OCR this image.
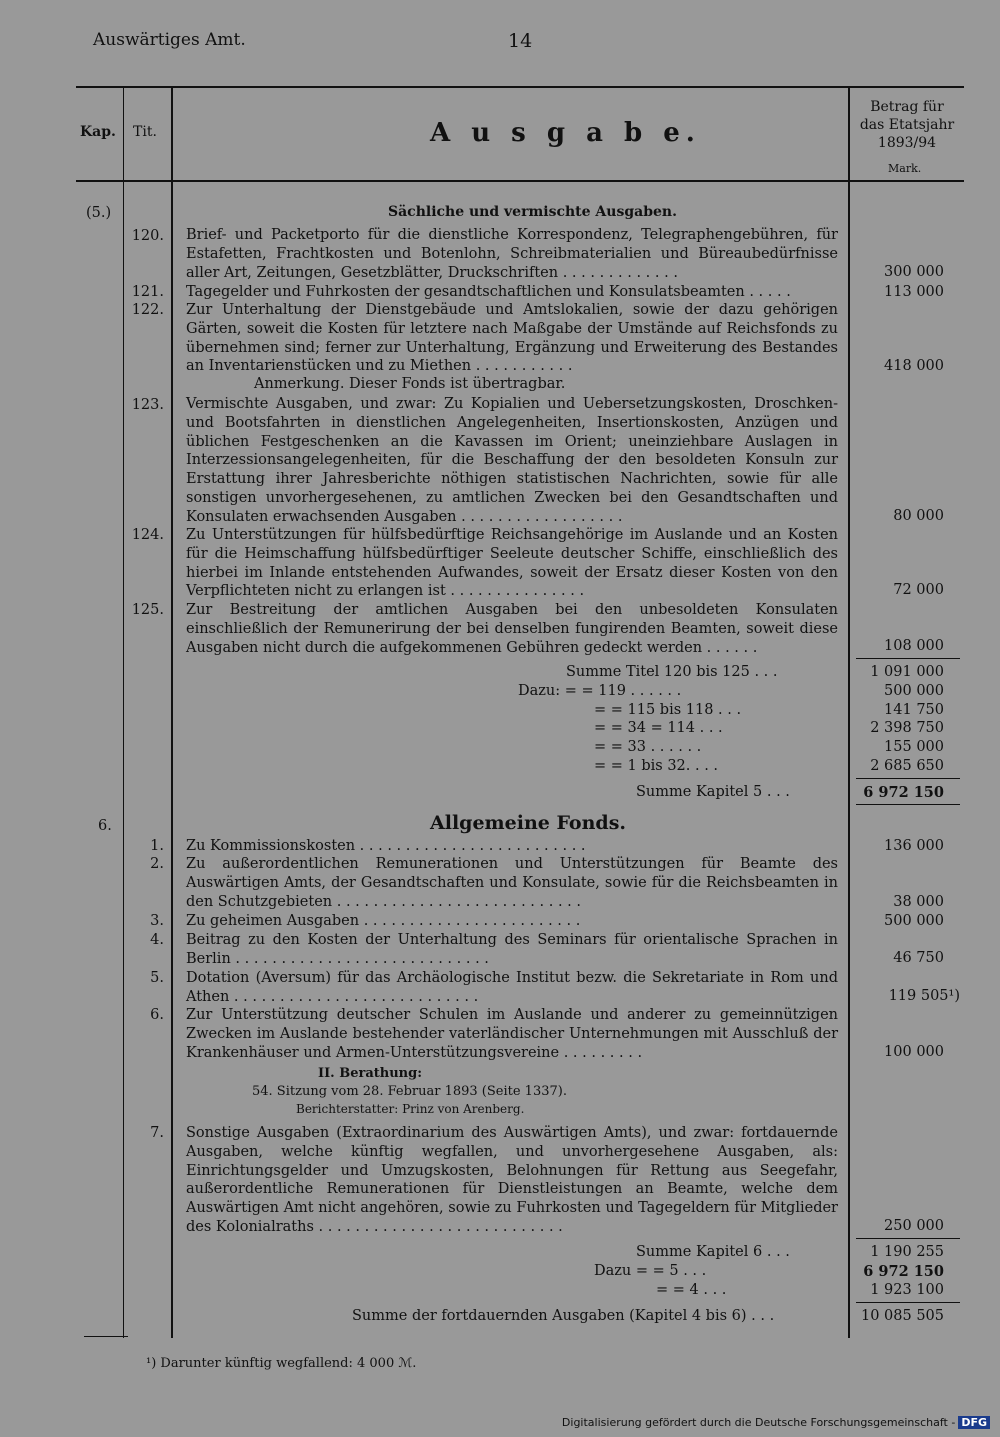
Auswärtiges Amt.	14
Kap. Tit.	A u s g a b e.
Betrag für das Etatsjahr 1893/94
Mark.
(5.)	Sächliche und vermischte Ausgaben.
120. Brief- und Packetporto für die dienstliche Korrespondenz, Telegraphengebühren, für Estafetten, Frachtkosten und Botenlohn, Schreibmaterialien und Büreaubedürfnisse aller Art, Zeitungen, Gesetzblätter, Druckschriften . . . . . . . . . . . . .	300 000
121. Tagegelder und Fuhrkosten der gesandtschaftlichen und Konsulatsbeamten . . . . .	113 000
122. Zur Unterhaltung der Dienstgebäude und Amtslokalien, sowie der dazu gehörigen Gärten, soweit die Kosten für letztere nach Maßgabe der Umstände auf Reichsfonds zu übernehmen sind; ferner zur Unterhaltung, Ergänzung und Erweiterung des Bestandes an Inventarienstücken und zu Miethen . . . . . . . . . . .	418 000
Anmerkung. Dieser Fonds ist übertragbar.
123. Vermischte Ausgaben, und zwar: Zu Kopialien und Uebersetzungskosten, Droschken- und Bootsfahrten in dienstlichen Angelegenheiten, Insertionskosten, Anzügen und üblichen Festgeschenken an die Kavassen im Orient; uneinziehbare Auslagen in Interzessionsangelegenheiten, für die Beschaffung der den besoldeten Konsuln zur Erstattung ihrer Jahresberichte nöthigen statistischen Nachrichten, sowie für alle sonstigen unvorhergesehenen, zu amtlichen Zwecken bei den Gesandtschaften und Konsulaten erwachsenden Ausgaben . . . . . . . . . . . . . . . . . .	80 000
124. Zu Unterstützungen für hülfsbedürftige Reichsangehörige im Auslande und an Kosten für die Heimschaffung hülfsbedürftiger Seeleute deutscher Schiffe, einschließlich des hierbei im Inlande entstehenden Aufwandes, soweit der Ersatz dieser Kosten von den Verpflichteten nicht zu erlangen ist . . . . . . . . . . . . . . .	72 000
125. Zur Bestreitung der amtlichen Ausgaben bei den unbesoldeten Konsulaten einschließlich der Remunerirung der bei denselben fungirenden Beamten, soweit diese Ausgaben nicht durch die aufgekommenen Gebühren gedeckt werden . . . . . .	108 000
Summe Titel 120 bis 125 . . .	1 091 000
Dazu: = = 119 . . . . . .	500 000
= = 115 bis 118 . . .	141 750
= = 34 = 114 . . .	2 398 750
= = 33 . . . . . .	155 000
= = 1 bis 32. . . .	2 685 650
Summe Kapitel 5 . . .	6 972 150
6.	Allgemeine Fonds.
1. Zu Kommissionskosten . . . . . . . . . . . . . . . . . . . . . . . . .	136 000
2. Zu außerordentlichen Remunerationen und Unterstützungen für Beamte des Auswärtigen Amts, der Gesandtschaften und Konsulate, sowie für die Reichsbeamten in den Schutzgebieten . . . . . . . . . . . . . . . . . . . . . . . . . . .	38 000
3. Zu geheimen Ausgaben . . . . . . . . . . . . . . . . . . . . . . . .	500 000
4. Beitrag zu den Kosten der Unterhaltung des Seminars für orientalische Sprachen in Berlin . . . . . . . . . . . . . . . . . . . . . . . . . . . .	46 750
5. Dotation (Aversum) für das Archäologische Institut bezw. die Sekretariate in Rom und Athen . . . . . . . . . . . . . . . . . . . . . . . . . . .	119 505¹)
6. Zur Unterstützung deutscher Schulen im Auslande und anderer zu gemeinnützigen Zwecken im Auslande bestehender vaterländischer Unternehmungen mit Ausschluß der Krankenhäuser und Armen-Unterstützungsvereine . . . . . . . . .	100 000
II. Berathung:
54. Sitzung vom 28. Februar 1893 (Seite 1337).
Berichterstatter: Prinz von Arenberg.
7. Sonstige Ausgaben (Extraordinarium des Auswärtigen Amts), und zwar: fortdauernde Ausgaben, welche künftig wegfallen, und unvorhergesehene Ausgaben, als: Einrichtungsgelder und Umzugskosten, Belohnungen für Rettung aus Seegefahr, außerordentliche Remunerationen für Dienstleistungen an Beamte, welche dem Auswärtigen Amt nicht angehören, sowie zu Fuhrkosten und Tagegeldern für Mitglieder des Kolonialraths . . . . . . . . . . . . . . . . . . . . . . . . . . .	250 000
Summe Kapitel 6 . . .	1 190 255
Dazu = = 5 . . .	6 972 150
= = 4 . . .	1 923 100
Summe der fortdauernden Ausgaben (Kapitel 4 bis 6) . . .	10 085 505
¹) Darunter künftig wegfallend: 4 000 ℳ.
Digitalisierung gefördert durch die Deutsche Forschungsgemeinschaft - DFG
